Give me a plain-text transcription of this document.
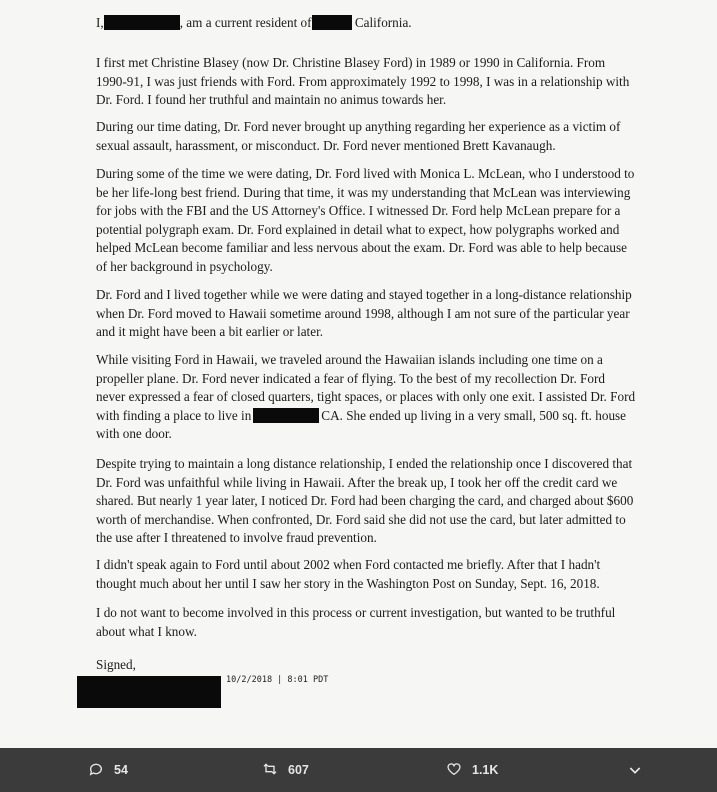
I,	, am a current resident of	California.

I first met Christine Blasey (now Dr. Christine Blasey Ford) in 1989 or 1990 in California. From 1990-91, I was just friends with Ford. From approximately 1992 to 1998, I was in a relationship with Dr. Ford. I found her truthful and maintain no animus towards her.

During our time dating, Dr. Ford never brought up anything regarding her experience as a victim of sexual assault, harassment, or misconduct. Dr. Ford never mentioned Brett Kavanaugh.

During some of the time we were dating, Dr. Ford lived with Monica L. McLean, who I understood to be her life-long best friend. During that time, it was my understanding that McLean was interviewing for jobs with the FBI and the US Attorney's Office. I witnessed Dr. Ford help McLean prepare for a potential polygraph exam. Dr. Ford explained in detail what to expect, how polygraphs worked and helped McLean become familiar and less nervous about the exam. Dr. Ford was able to help because of her background in psychology.

Dr. Ford and I lived together while we were dating and stayed together in a long-distance relationship when Dr. Ford moved to Hawaii sometime around 1998, although I am not sure of the particular year and it might have been a bit earlier or later.

While visiting Ford in Hawaii, we traveled around the Hawaiian islands including one time on a propeller plane. Dr. Ford never indicated a fear of flying. To the best of my recollection Dr. Ford never expressed a fear of closed quarters, tight spaces, or places with only one exit. I assisted Dr. Ford with finding a place to live in	CA. She ended up living in a very small, 500 sq. ft. house with one door.

Despite trying to maintain a long distance relationship, I ended the relationship once I discovered that Dr. Ford was unfaithful while living in Hawaii. After the break up, I took her off the credit card we shared. But nearly 1 year later, I noticed Dr. Ford had been charging the card, and charged about $600 worth of merchandise. When confronted, Dr. Ford said she did not use the card, but later admitted to the use after I threatened to involve fraud prevention.

I didn't speak again to Ford until about 2002 when Ford contacted me briefly. After that I hadn't thought much about her until I saw her story in the Washington Post on Sunday, Sept. 16, 2018.

I do not want to become involved in this process or current investigation, but wanted to be truthful about what I know.

Signed,

10/2/2018 | 8:01 PDT
54	607	1.1K
